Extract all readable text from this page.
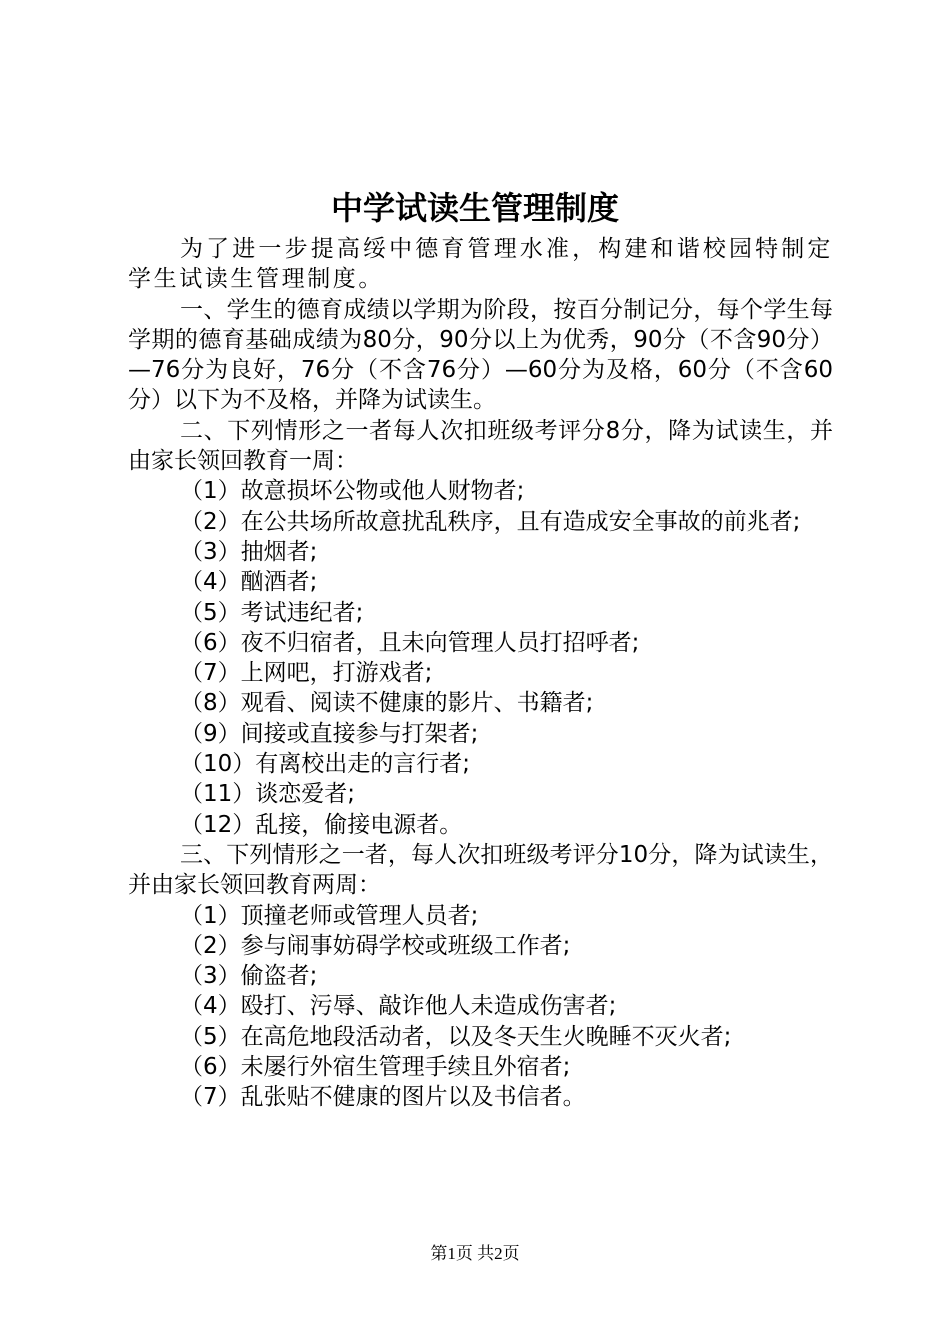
中学试读生管理制度

为了进一步提高绥中德育管理水准，构建和谐校园特制定学生试读生管理制度。

一、学生的德育成绩以学期为阶段，按百分制记分，每个学生每学期的德育基础成绩为80分，90分以上为优秀，90分（不含90分）—76分为良好，76分（不含76分）—60分为及格，60分（不含60分）以下为不及格，并降为试读生。

二、下列情形之一者每人次扣班级考评分8分，降为试读生，并由家长领回教育一周：

（1）故意损坏公物或他人财物者;

（2）在公共场所故意扰乱秩序，且有造成安全事故的前兆者;

（3）抽烟者;

（4）酗酒者;

（5）考试违纪者;

（6）夜不归宿者，且未向管理人员打招呼者;

（7）上网吧，打游戏者;

（8）观看、阅读不健康的影片、书籍者;

（9）间接或直接参与打架者;

（10）有离校出走的言行者;

（11）谈恋爱者;

（12）乱接，偷接电源者。

三、下列情形之一者，每人次扣班级考评分10分，降为试读生，并由家长领回教育两周：

（1）顶撞老师或管理人员者;

（2）参与闹事妨碍学校或班级工作者;

（3）偷盗者;

（4）殴打、污辱、敲诈他人未造成伤害者;

（5）在高危地段活动者，以及冬天生火晚睡不灭火者;

（6）未屡行外宿生管理手续且外宿者;

（7）乱张贴不健康的图片以及书信者。

第1页 共2页
